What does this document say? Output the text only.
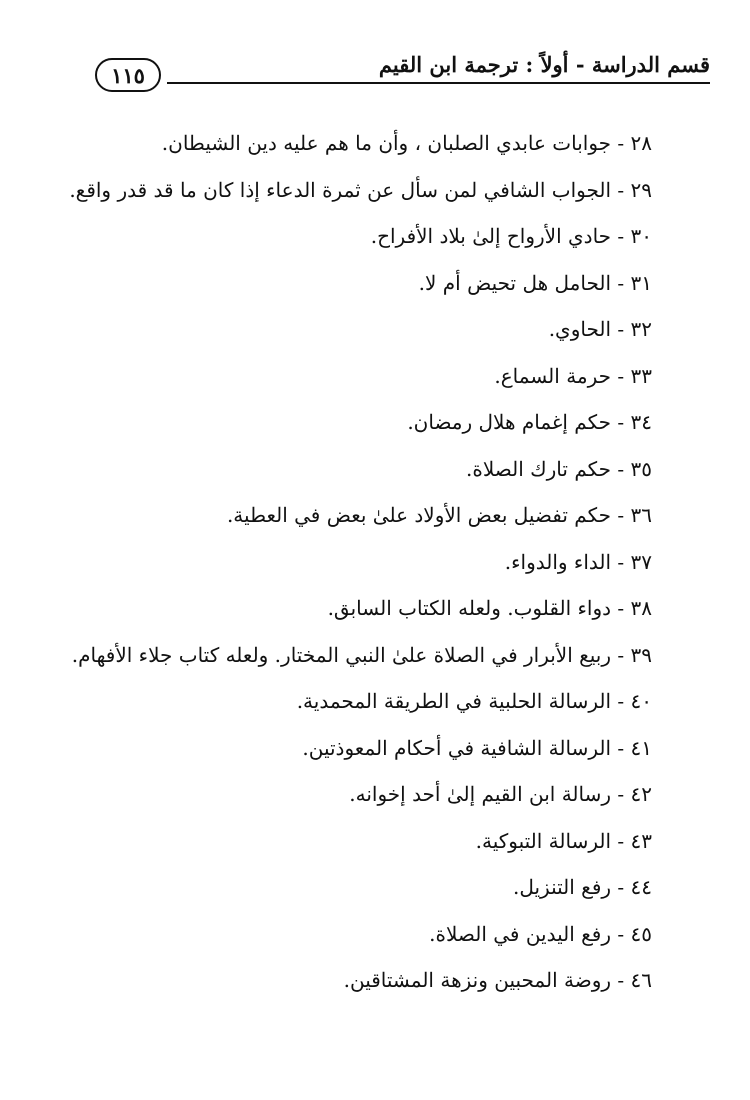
قسم الدراسة - أولاً : ترجمة ابن القيم
١١٥
٢٨ - جوابات عابدي الصلبان ، وأن ما هم عليه دين الشيطان.
٢٩ - الجواب الشافي لمن سأل عن ثمرة الدعاء إذا كان ما قد قدر واقع.
٣٠ - حادي الأرواح إلىٰ بلاد الأفراح.
٣١ - الحامل هل تحيض أم لا.
٣٢ - الحاوي.
٣٣ - حرمة السماع.
٣٤ - حكم إغمام هلال رمضان.
٣٥ - حكم تارك الصلاة.
٣٦ - حكم تفضيل بعض الأولاد علىٰ بعض في العطية.
٣٧ - الداء والدواء.
٣٨ - دواء القلوب. ولعله الكتاب السابق.
٣٩ - ربيع الأبرار في الصلاة علىٰ النبي المختار. ولعله كتاب جلاء الأفهام.
٤٠ - الرسالة الحلبية في الطريقة المحمدية.
٤١ - الرسالة الشافية في أحكام المعوذتين.
٤٢ - رسالة ابن القيم إلىٰ أحد إخوانه.
٤٣ - الرسالة التبوكية.
٤٤ - رفع التنزيل.
٤٥ - رفع اليدين في الصلاة.
٤٦ - روضة المحبين ونزهة المشتاقين.
